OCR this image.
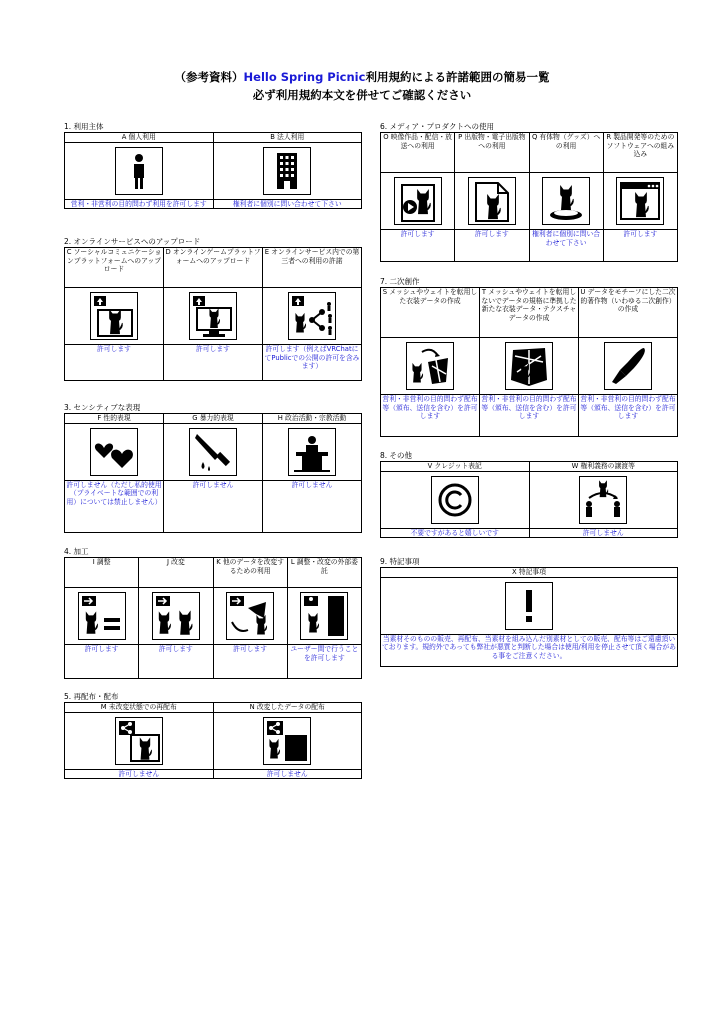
（参考資料）Hello Spring Picnic利用規約による許諾範囲の簡易一覧
必ず利用規約本文を併せてご確認ください
1. 利用主体
A 個人利用	B 法人利用

営利・非営利の目的問わず利用を許可します	権利者に個別に問い合わせて下さい
2. オンラインサービスへのアップロード
C ソーシャルコミュニケーションプラットフォームへのアップロード	D オンラインゲームプラットフォームへのアップロード	E オンラインサービス内での第三者への利用の許諾

許可します	許可します	許可します（例えばVRChatにてPublicでの公開の許可を含みます）
3. センシティブな表現
F 性的表現	G 暴力的表現	H 政治活動・宗教活動

許可しません（ただし私的使用（プライベートな範囲での利用）については禁止しません）	許可しません	許可しません
4. 加工
I 調整	J 改変	K 他のデータを改変するための利用	L 調整・改変の外部委託

許可します	許可します	許可します	ユーザー間で行うことを許可します
5. 再配布・配布
M 未改変状態での再配布	N 改変したデータの配布

許可しません	許可しません
6. メディア・プロダクトへの使用
O 映像作品・配信・放送への利用	P 出版物・電子出版物への利用	Q 有体物（グッズ）への利用	R 製品開発等のためのソフトウェアへの組み込み

許可します	許可します	権利者に個別に問い合わせて下さい	許可します
7. 二次創作
S メッシュやウェイトを転用した衣装データの作成	T メッシュやウェイトを転用しないでデータの規格に準拠した新たな衣装データ・テクスチャデータの作成	U データをモチーフにした二次的著作物（いわゆる二次創作）の作成

営利・非営利の目的問わず配布等（頒布、送信を含む）を許可します	営利・非営利の目的問わず配布等（頒布、送信を含む）を許可します	営利・非営利の目的問わず配布等（頒布、送信を含む）を許可します
8. その他
V クレジット表記	W 権利義務の譲渡等

不要ですがあると嬉しいです	許可しません
9. 特記事項
X 特記事項

当素材そのものの販売、再配布、当素材を組み込んだ別素材としての販売、配布等はご遠慮頂いております。規約外であっても弊社が悪質と判断した場合は使用/利用を停止させて頂く場合がある事をご注意ください。
